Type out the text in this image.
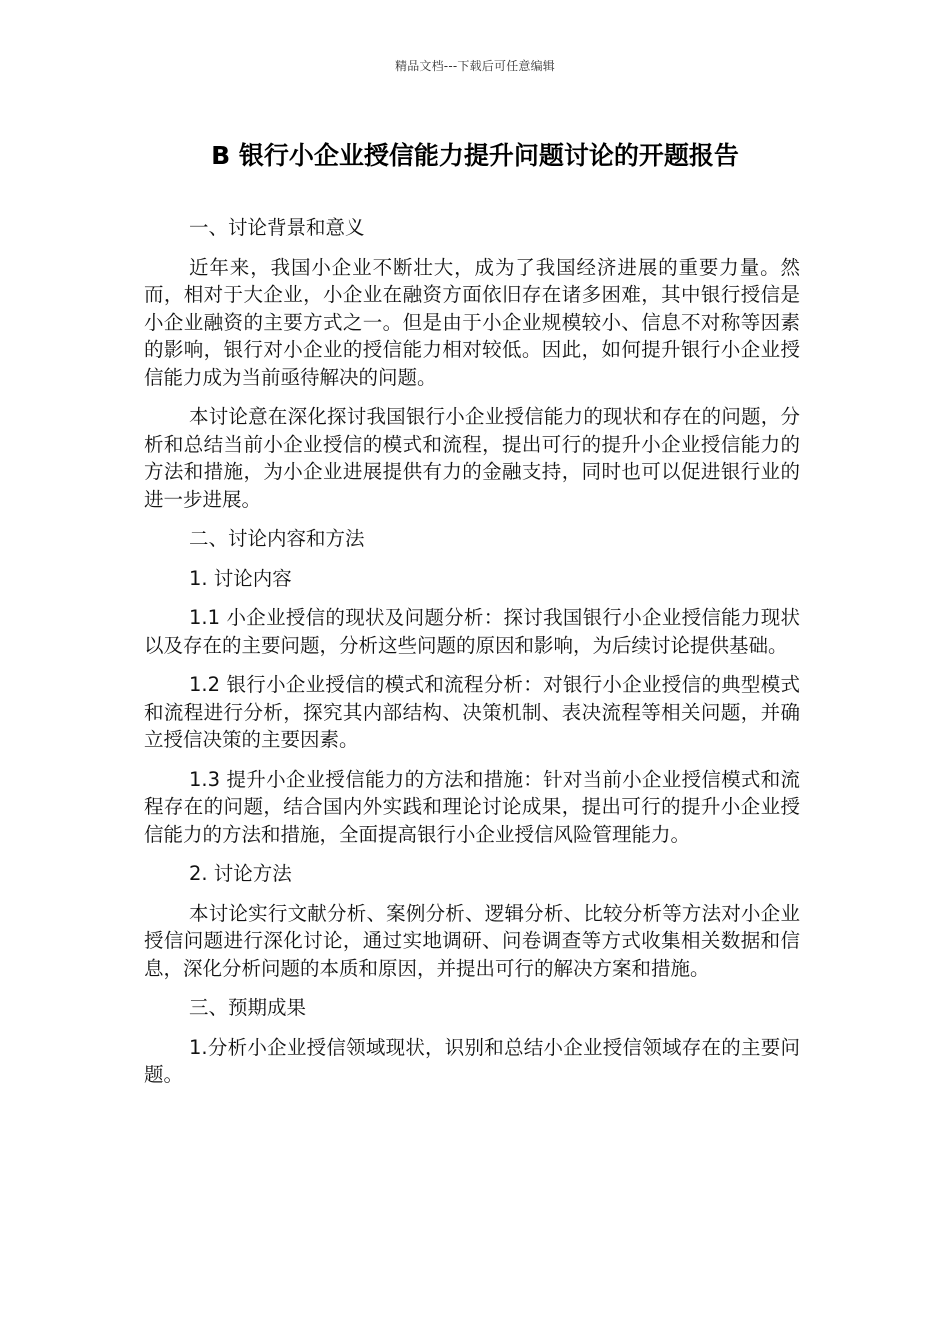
精品文档---下载后可任意编辑
B 银行小企业授信能力提升问题讨论的开题报告

一、讨论背景和意义

近年来，我国小企业不断壮大，成为了我国经济进展的重要力量。然而，相对于大企业，小企业在融资方面依旧存在诸多困难，其中银行授信是小企业融资的主要方式之一。但是由于小企业规模较小、信息不对称等因素的影响，银行对小企业的授信能力相对较低。因此，如何提升银行小企业授信能力成为当前亟待解决的问题。

本讨论意在深化探讨我国银行小企业授信能力的现状和存在的问题，分析和总结当前小企业授信的模式和流程，提出可行的提升小企业授信能力的方法和措施，为小企业进展提供有力的金融支持，同时也可以促进银行业的进一步进展。

二、讨论内容和方法

1. 讨论内容

1.1 小企业授信的现状及问题分析：探讨我国银行小企业授信能力现状以及存在的主要问题，分析这些问题的原因和影响，为后续讨论提供基础。

1.2 银行小企业授信的模式和流程分析：对银行小企业授信的典型模式和流程进行分析，探究其内部结构、决策机制、表决流程等相关问题，并确立授信决策的主要因素。

1.3 提升小企业授信能力的方法和措施：针对当前小企业授信模式和流程存在的问题，结合国内外实践和理论讨论成果，提出可行的提升小企业授信能力的方法和措施，全面提高银行小企业授信风险管理能力。

2. 讨论方法

本讨论实行文献分析、案例分析、逻辑分析、比较分析等方法对小企业授信问题进行深化讨论，通过实地调研、问卷调查等方式收集相关数据和信息，深化分析问题的本质和原因，并提出可行的解决方案和措施。

三、预期成果

1.分析小企业授信领域现状，识别和总结小企业授信领域存在的主要问题。
